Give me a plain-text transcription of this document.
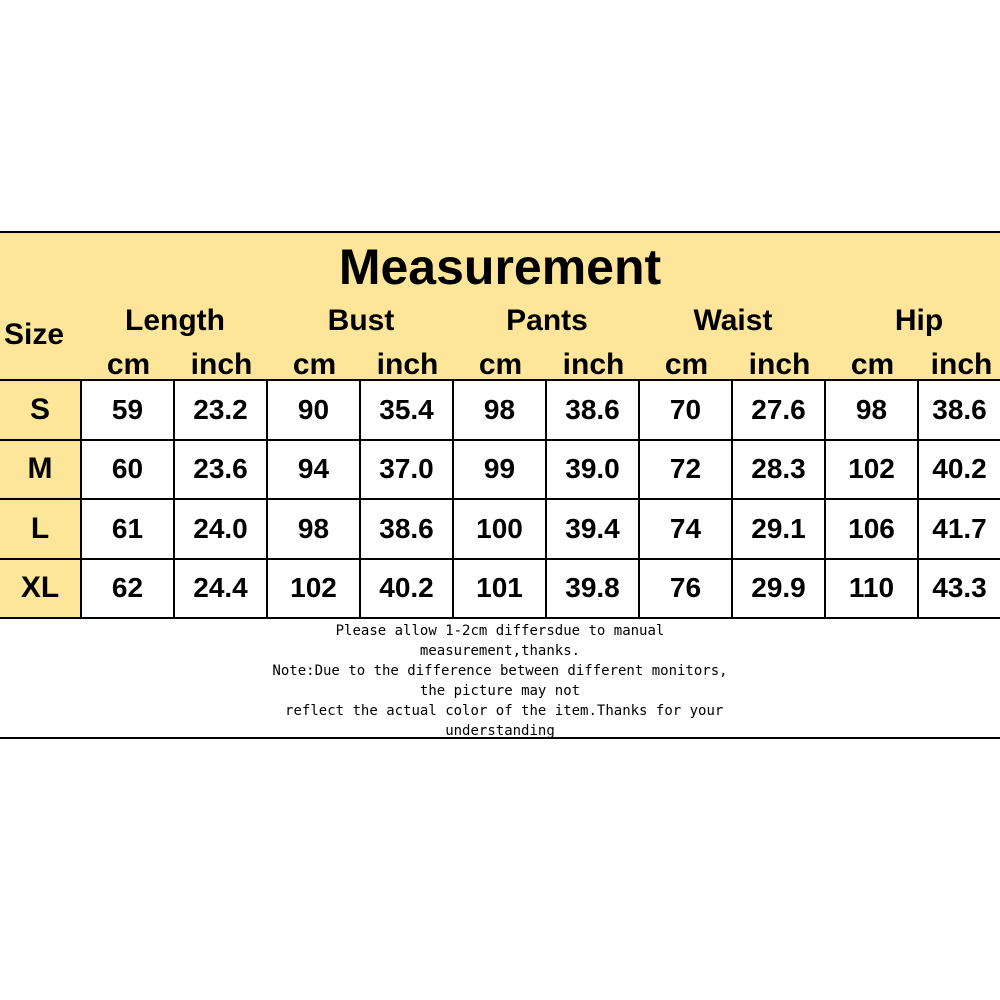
Measurement
Size	Length	Bust	Pants	Waist	Hip
cm	inch	cm	inch	cm	inch	cm	inch	cm	inch
S	59	23.2	90	35.4	98	38.6	70	27.6	98	38.6
M	60	23.6	94	37.0	99	39.0	72	28.3	102	40.2
L	61	24.0	98	38.6	100	39.4	74	29.1	106	41.7
XL	62	24.4	102	40.2	101	39.8	76	29.9	110	43.3
Please allow 1-2cm differsdue to manual
measurement,thanks.
Note:Due to the difference between different monitors,
the picture may not
reflect the actual color of the item.Thanks for your
understanding
